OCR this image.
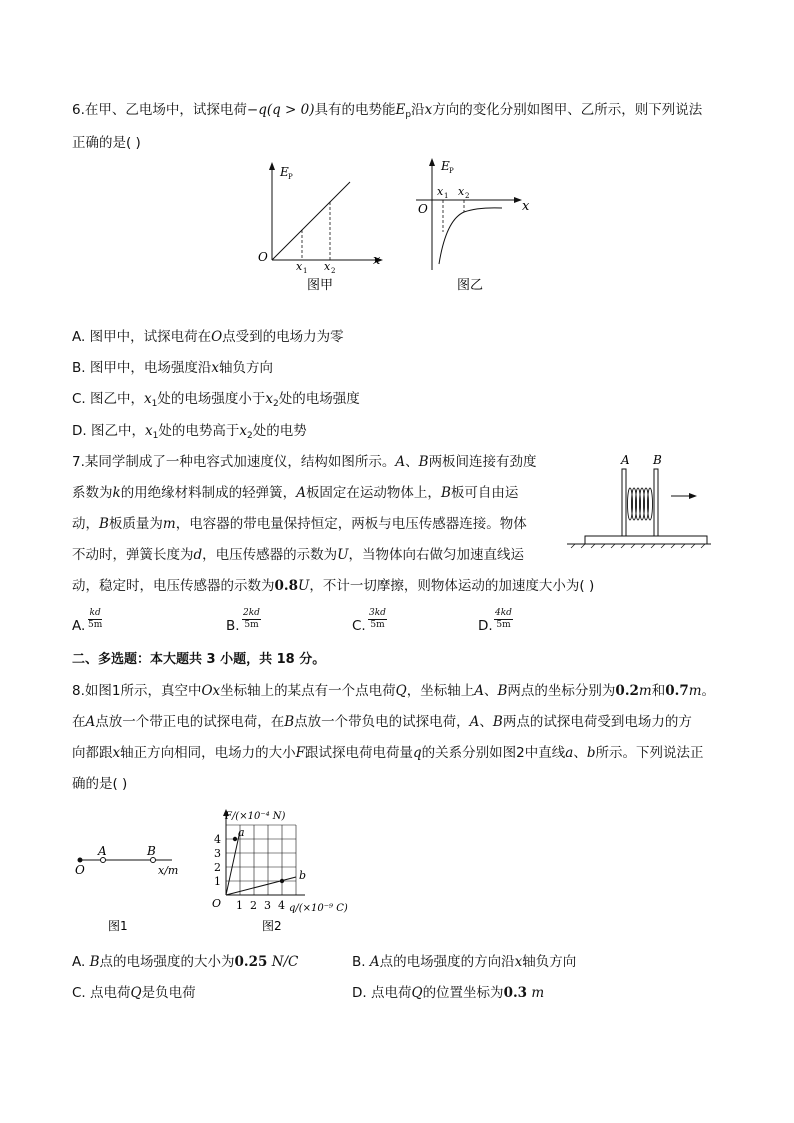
6.在甲、乙电场中，试探电荷−q(q > 0)具有的电势能$E_p$沿x方向的变化分别如图甲、乙所示，则下列说法
正确的是( )
E P
O	x
x 1 x 2
图甲
E P
O	x
x 1 x 2
图乙
A. 图甲中，试探电荷在O点受到的电场力为零
B. 图甲中，电场强度沿x轴负方向
C. 图乙中，$x_1$处的电场强度小于$x_2$处的电场强度
D. 图乙中，$x_1$处的电势高于$x_2$处的电势
7.某同学制成了一种电容式加速度仪，结构如图所示。A、B两板间连接有劲度
系数为k的用绝缘材料制成的轻弹簧，A板固定在运动物体上，B板可自由运
动，B板质量为m，电容器的带电量保持恒定，两板与电压传感器连接。物体
不动时，弹簧长度为d，电压传感器的示数为U，当物体向右做匀加速直线运
动，稳定时，电压传感器的示数为0.8U，不计一切摩擦，则物体运动的加速度大小为( )
A B
A. $\frac{kd}{5m}$	B. $\frac{2kd}{5m}$	C. $\frac{3kd}{5m}$	D. $\frac{4kd}{5m}$
二、多选题：本大题共 3 小题，共 18 分。
8.如图1所示，真空中Ox坐标轴上的某点有一个点电荷Q，坐标轴上A、B两点的坐标分别为0.2m和0.7m。
在A点放一个带正电的试探电荷，在B点放一个带负电的试探电荷，A、B两点的试探电荷受到电场力的方
向都跟x轴正方向相同，电场力的大小F跟试探电荷电荷量q的关系分别如图2中直线a、b所示。下列说法正
确的是( )
A	B
O	x/m
图1
a
b
F/(×10⁻⁴ N)
1
2
3
4
O 1 2 3 4 q/(×10⁻⁹ C)
图2
A. B点的电场强度的大小为0.25 N/C	B. A点的电场强度的方向沿x轴负方向
C. 点电荷Q是负电荷	D. 点电荷Q的位置坐标为0.3 m
